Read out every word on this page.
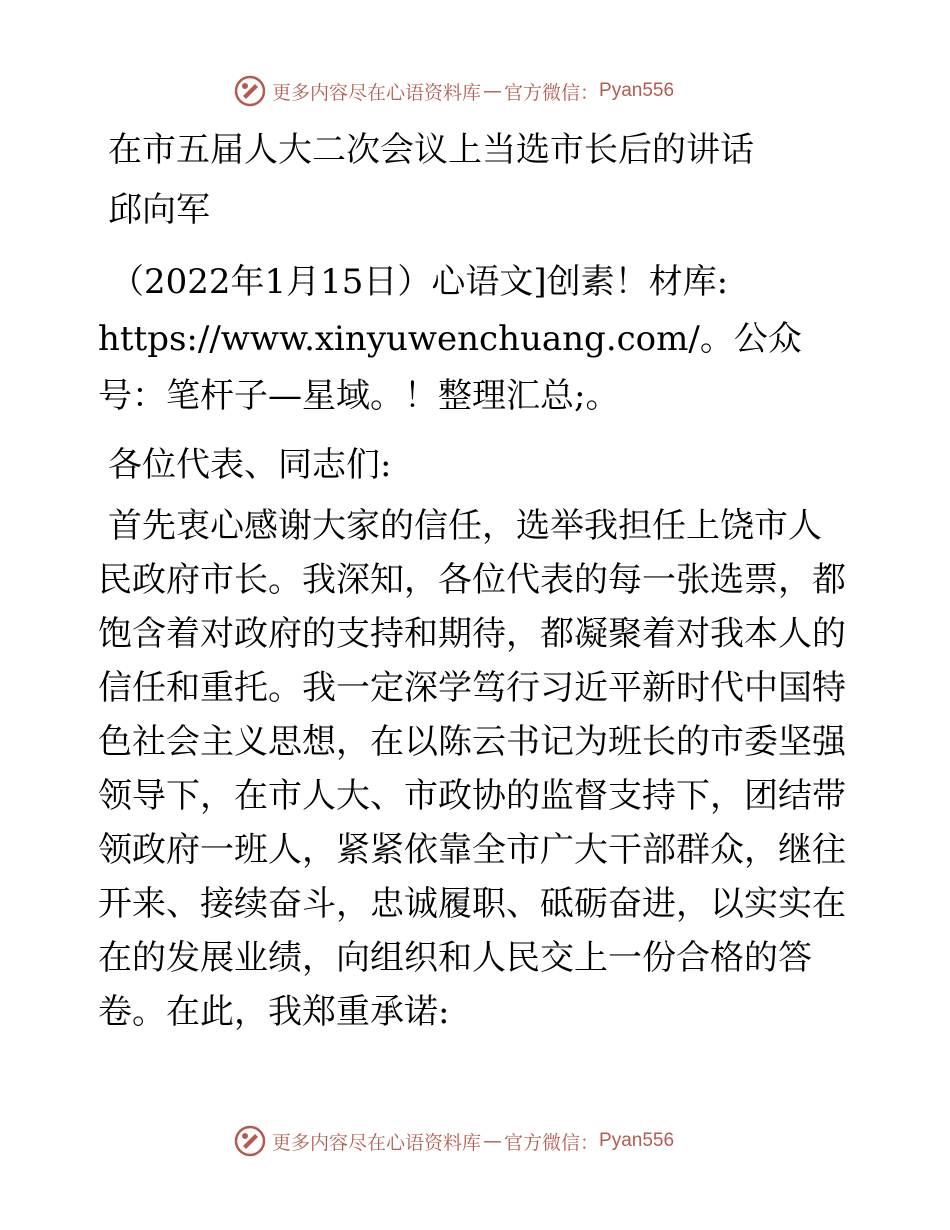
更多内容尽在心语资料库 — 官方微信： Pyan556

在市五届人大二次会议上当选市长后的讲话

邱向军

（2022年1月15日）心语文]创素！材库:

https://www.xinyuwenchuang.com/。公众号：笔杆子—星域。！整理汇总;。

各位代表、同志们:

首先衷心感谢大家的信任，选举我担任上饶市人民政府市长。我深知，各位代表的每一张选票，都饱含着对政府的支持和期待，都凝聚着对我本人的信任和重托。我一定深学笃行习近平新时代中国特色社会主义思想，在以陈云书记为班长的市委坚强领导下，在市人大、市政协的监督支持下，团结带领政府一班人，紧紧依靠全市广大干部群众，继往开来、接续奋斗，忠诚履职、砥砺奋进，以实实在在的发展业绩，向组织和人民交上一份合格的答卷。在此，我郑重承诺:

更多内容尽在心语资料库 — 官方微信： Pyan556
